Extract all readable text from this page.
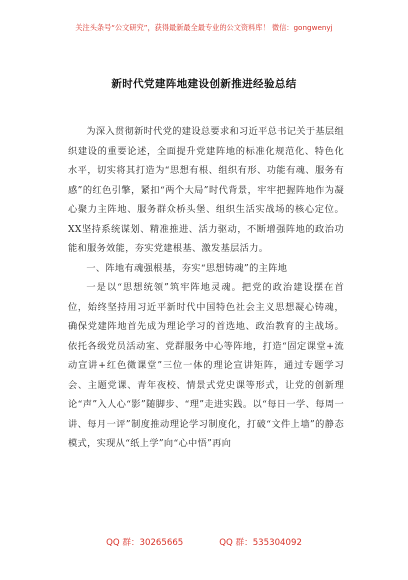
关注头条号“公文研究”，获得最新最全最专业的公文资料库！ 微信：gongwenyj
新时代党建阵地建设创新推进经验总结

为深入贯彻新时代党的建设总要求和习近平总书记关于基层组织建设的重要论述，全面提升党建阵地的标准化规范化、特色化水平，切实将其打造为“思想有根、组织有形、功能有魂、服务有感”的红色引擎，紧扣“两个大局”时代背景，牢牢把握阵地作为凝心聚力主阵地、服务群众桥头堡、组织生活实战场的核心定位。XX坚持系统谋划、精准推进、活力驱动，不断增强阵地的政治功能和服务效能，夯实党建根基、激发基层活力。

一、阵地有魂强根基，夯实“思想铸魂”的主阵地

一是以“思想统领”筑牢阵地灵魂。把党的政治建设摆在首位，始终坚持用习近平新时代中国特色社会主义思想凝心铸魂，确保党建阵地首先成为理论学习的首选地、政治教育的主战场。依托各级党员活动室、党群服务中心等阵地，打造“固定课堂+流动宣讲+红色微课堂”三位一体的理论宣讲矩阵，通过专题学习会、主题党课、青年夜校、情景式党史课等形式，让党的创新理论“声”入人心“影”随脚步、“理”走进实践。以“每日一学、每周一讲、每月一评”制度推动理论学习制度化，打破“文件上墙”的静态模式，实现从“纸上学”向“心中悟”再向

QQ 群：30265665	QQ 群：535304092
